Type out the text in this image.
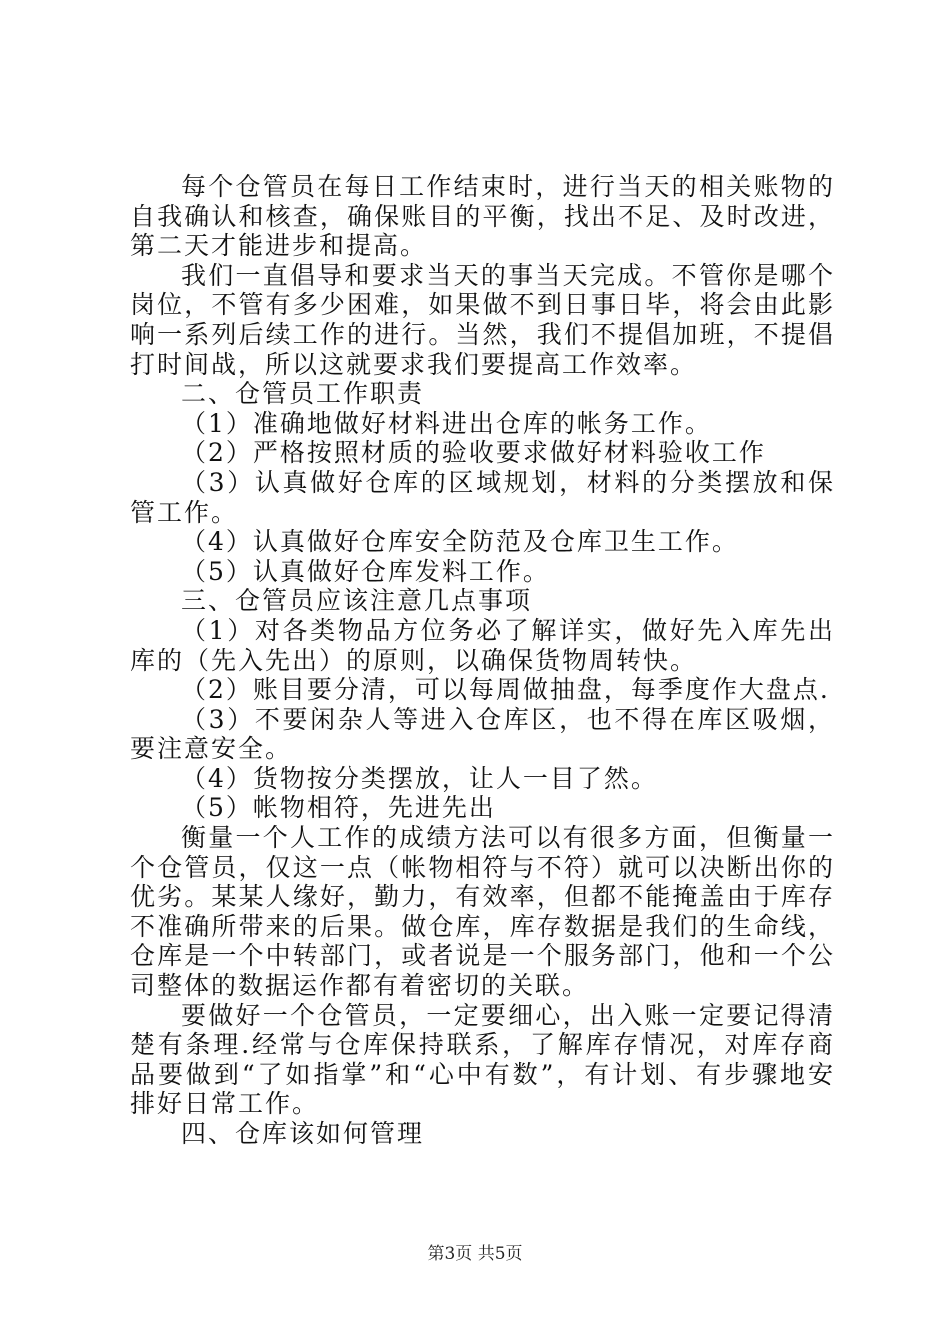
每个仓管员在每日工作结束时，进行当天的相关账物的自我确认和核查，确保账目的平衡，找出不足、及时改进，第二天才能进步和提高。

我们一直倡导和要求当天的事当天完成。不管你是哪个岗位，不管有多少困难，如果做不到日事日毕，将会由此影响一系列后续工作的进行。当然，我们不提倡加班，不提倡打时间战，所以这就要求我们要提高工作效率。

二、仓管员工作职责

（1）准确地做好材料进出仓库的帐务工作。

（2）严格按照材质的验收要求做好材料验收工作

（3）认真做好仓库的区域规划，材料的分类摆放和保管工作。

（4）认真做好仓库安全防范及仓库卫生工作。

（5）认真做好仓库发料工作。

三、仓管员应该注意几点事项

（1）对各类物品方位务必了解详实，做好先入库先出库的（先入先出）的原则，以确保货物周转快。

（2）账目要分清，可以每周做抽盘，每季度作大盘点.

（3）不要闲杂人等进入仓库区，也不得在库区吸烟，要注意安全。

（4）货物按分类摆放，让人一目了然。

（5）帐物相符，先进先出

衡量一个人工作的成绩方法可以有很多方面，但衡量一个仓管员，仅这一点（帐物相符与不符）就可以决断出你的优劣。某某人缘好，勤力，有效率，但都不能掩盖由于库存不准确所带来的后果。做仓库，库存数据是我们的生命线，仓库是一个中转部门，或者说是一个服务部门，他和一个公司整体的数据运作都有着密切的关联。

要做好一个仓管员，一定要细心，出入账一定要记得清楚有条理.经常与仓库保持联系，了解库存情况，对库存商品要做到“了如指掌”和“心中有数”，有计划、有步骤地安排好日常工作。

四、仓库该如何管理

第3页 共5页
